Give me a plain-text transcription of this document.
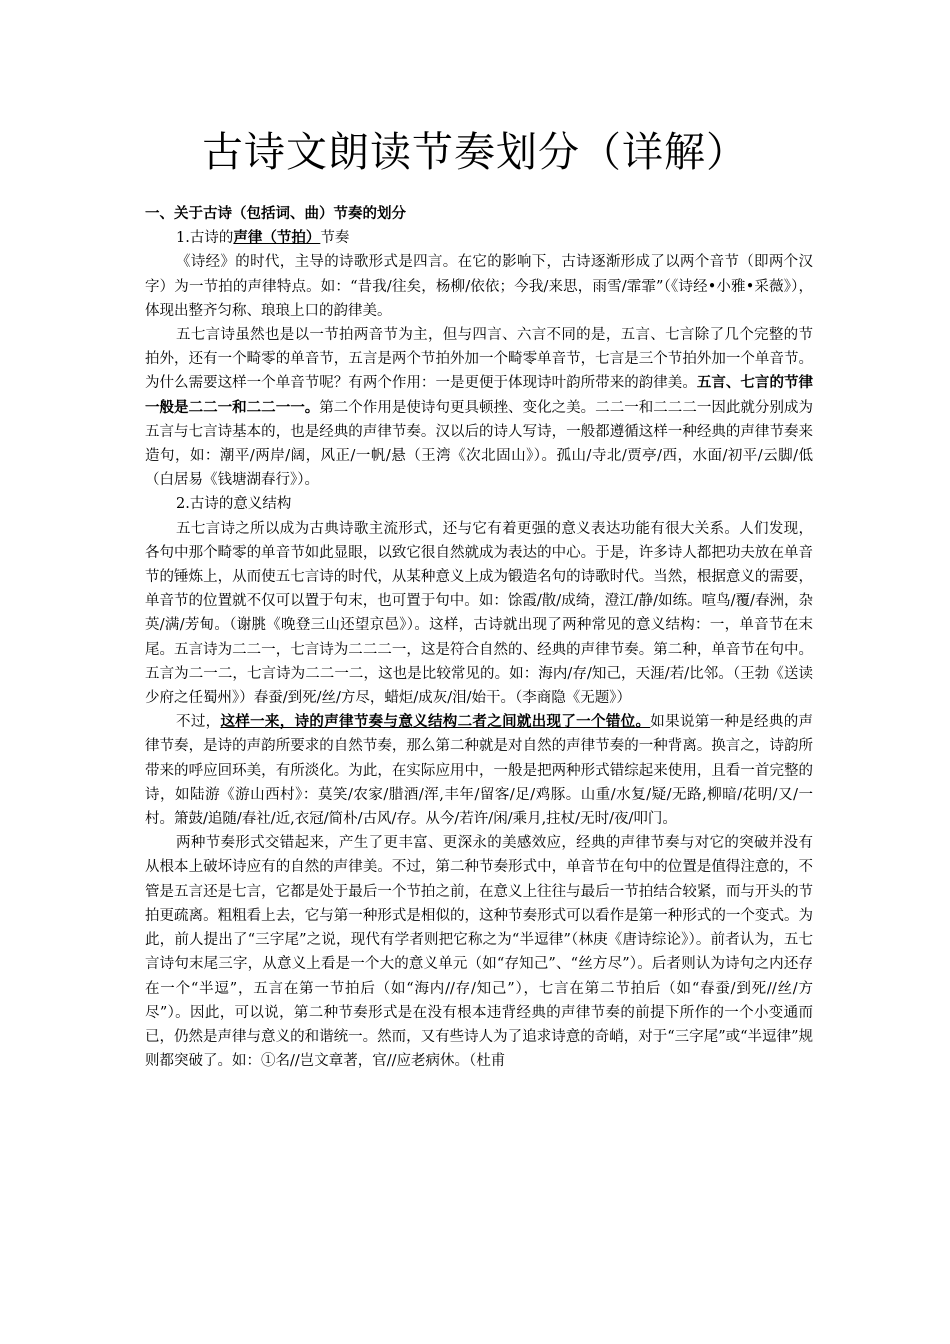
古诗文朗读节奏划分（详解）

一、关于古诗（包括词、曲）节奏的划分

1.古诗的声律（节拍）节奏

《诗经》的时代，主导的诗歌形式是四言。在它的影响下，古诗逐渐形成了以两个音节（即两个汉字）为一节拍的声律特点。如：“昔我/往矣，杨柳/依依；今我/来思，雨雪/霏霏”（《诗经•小雅•采薇》），体现出整齐匀称、琅琅上口的韵律美。

五七言诗虽然也是以一节拍两音节为主，但与四言、六言不同的是，五言、七言除了几个完整的节拍外，还有一个畸零的单音节，五言是两个节拍外加一个畸零单音节，七言是三个节拍外加一个单音节。为什么需要这样一个单音节呢？有两个作用：一是更便于体现诗叶韵所带来的韵律美。五言、七言的节律一般是二二一和二二一一。第二个作用是使诗句更具顿挫、变化之美。二二一和二二二一因此就分别成为五言与七言诗基本的，也是经典的声律节奏。汉以后的诗人写诗，一般都遵循这样一种经典的声律节奏来造句，如：潮平/两岸/阔，风正/一帆/悬（王湾《次北固山》）。孤山/寺北/贾亭/西，水面/初平/云脚/低（白居易《钱塘湖春行》）。

2.古诗的意义结构

五七言诗之所以成为古典诗歌主流形式，还与它有着更强的意义表达功能有很大关系。人们发现，各句中那个畸零的单音节如此显眼，以致它很自然就成为表达的中心。于是，许多诗人都把功夫放在单音节的锤炼上，从而使五七言诗的时代，从某种意义上成为锻造名句的诗歌时代。当然，根据意义的需要，单音节的位置就不仅可以置于句末，也可置于句中。如：馀霞/散/成绮，澄江/静/如练。喧鸟/覆/春洲，杂英/满/芳甸。（谢朓《晚登三山还望京邑》）。这样，古诗就出现了两种常见的意义结构：一，单音节在末尾。五言诗为二二一，七言诗为二二二一，这是符合自然的、经典的声律节奏。第二种，单音节在句中。五言为二一二，七言诗为二二一二，这也是比较常见的。如：海内/存/知己，天涯/若/比邻。（王勃《送读少府之任蜀州》）春蚕/到死/丝/方尽，蜡炬/成灰/泪/始干。（李商隐《无题》）

不过，这样一来，诗的声律节奏与意义结构二者之间就出现了一个错位。如果说第一种是经典的声律节奏，是诗的声韵所要求的自然节奏，那么第二种就是对自然的声律节奏的一种背离。换言之，诗韵所带来的呼应回环美，有所淡化。为此，在实际应用中，一般是把两种形式错综起来使用，且看一首完整的诗，如陆游《游山西村》：莫笑/农家/腊酒/浑,丰年/留客/足/鸡豚。山重/水复/疑/无路,柳暗/花明/又/一村。箫鼓/追随/春社/近,衣冠/简朴/古风/存。从今/若许/闲/乘月,拄杖/无时/夜/叩门。

两种节奏形式交错起来，产生了更丰富、更深永的美感效应，经典的声律节奏与对它的突破并没有从根本上破坏诗应有的自然的声律美。不过，第二种节奏形式中，单音节在句中的位置是值得注意的，不管是五言还是七言，它都是处于最后一个节拍之前，在意义上往往与最后一节拍结合较紧，而与开头的节拍更疏离。粗粗看上去，它与第一种形式是相似的，这种节奏形式可以看作是第一种形式的一个变式。为此，前人提出了“三字尾”之说，现代有学者则把它称之为“半逗律”（林庚《唐诗综论》）。前者认为，五七言诗句末尾三字，从意义上看是一个大的意义单元（如“存知己”、“丝方尽”）。后者则认为诗句之内还存在一个“半逗”，五言在第一节拍后（如“海内//存/知己”），七言在第二节拍后（如“春蚕/到死//丝/方尽”）。因此，可以说，第二种节奏形式是在没有根本违背经典的声律节奏的前提下所作的一个小变通而已，仍然是声律与意义的和谐统一。然而，又有些诗人为了追求诗意的奇峭，对于“三字尾”或“半逗律”规则都突破了。如：①名//岂文章著，官//应老病休。（杜甫
